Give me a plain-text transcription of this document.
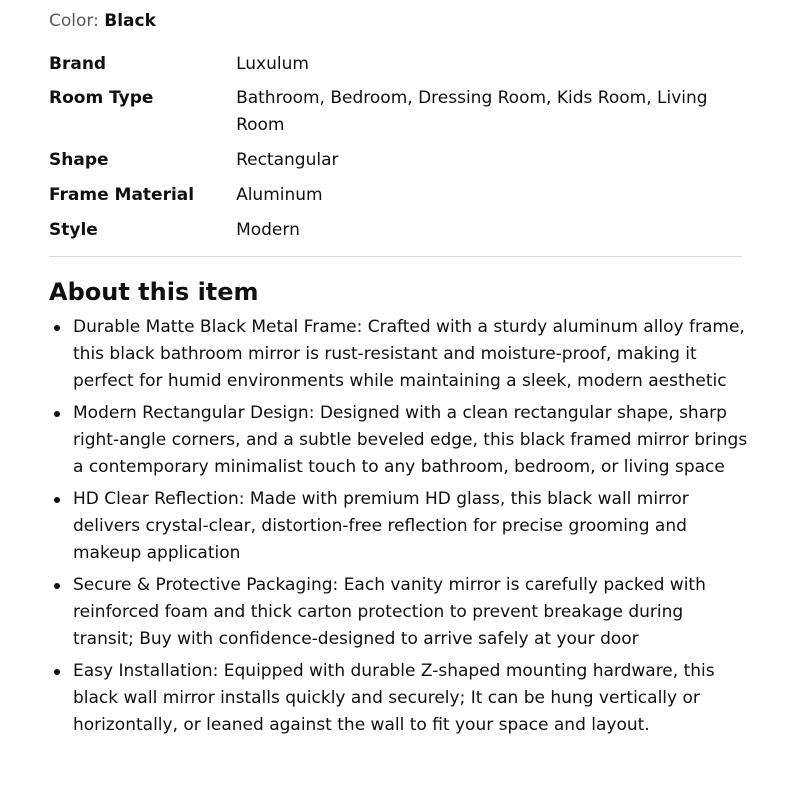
Color: Black
Brand	Luxulum
Room Type	Bathroom, Bedroom, Dressing Room, Kids Room, Living Room
Shape	Rectangular
Frame Material	Aluminum
Style	Modern
About this item
Durable Matte Black Metal Frame: Crafted with a sturdy aluminum alloy frame, this black bathroom mirror is rust-resistant and moisture-proof, making it perfect for humid environments while maintaining a sleek, modern aesthetic
Modern Rectangular Design: Designed with a clean rectangular shape, sharp right-angle corners, and a subtle beveled edge, this black framed mirror brings a contemporary minimalist touch to any bathroom, bedroom, or living space
HD Clear Reflection: Made with premium HD glass, this black wall mirror delivers crystal-clear, distortion-free reflection for precise grooming and makeup application
Secure & Protective Packaging: Each vanity mirror is carefully packed with reinforced foam and thick carton protection to prevent breakage during transit; Buy with confidence-designed to arrive safely at your door
Easy Installation: Equipped with durable Z-shaped mounting hardware, this black wall mirror installs quickly and securely; It can be hung vertically or horizontally, or leaned against the wall to fit your space and layout.
